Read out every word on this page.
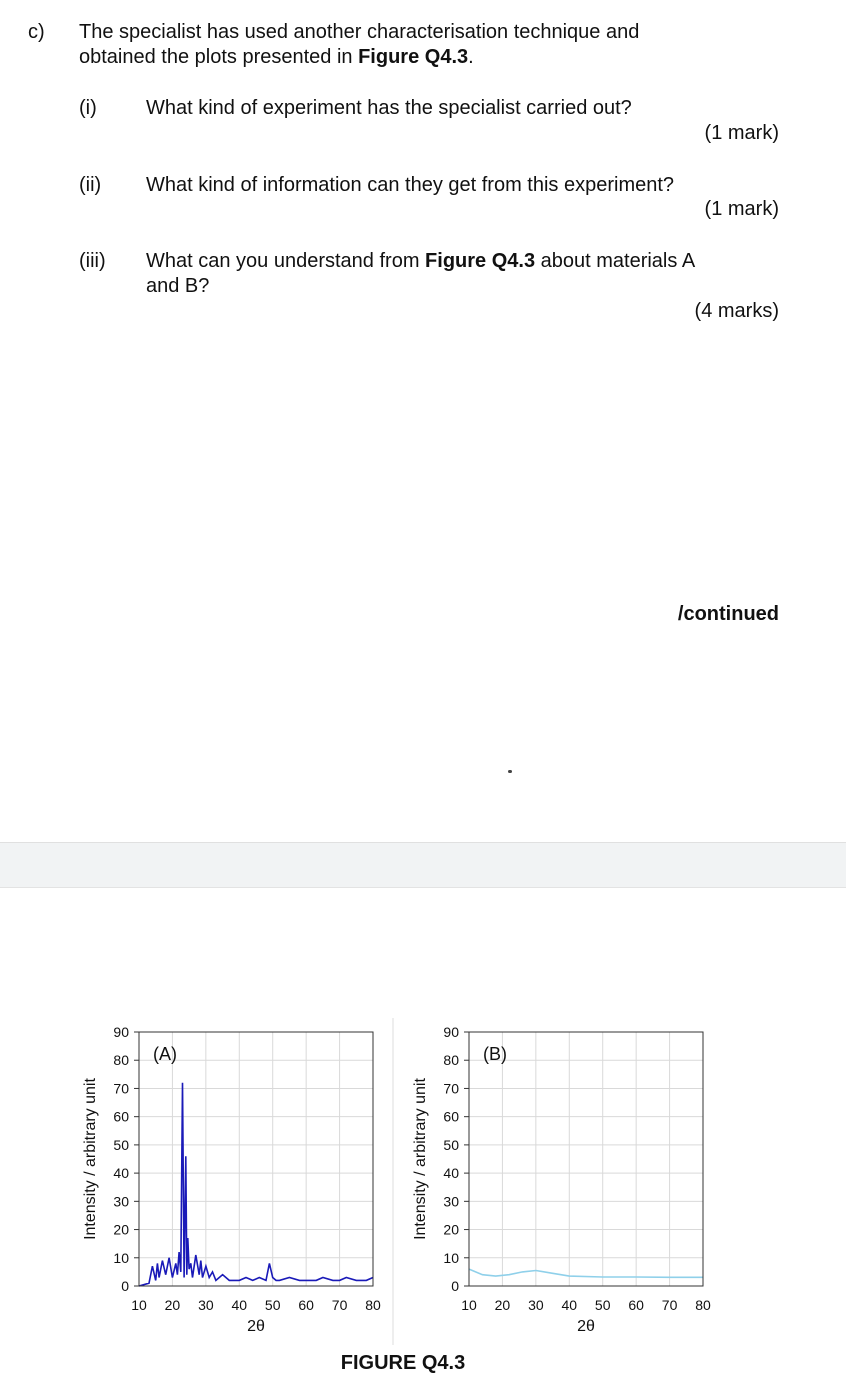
c) The specialist has used another characterisation technique and
obtained the plots presented in Figure Q4.3.
(i) What kind of experiment has the specialist carried out?
(1 mark)
(ii) What kind of information can they get from this experiment?
(1 mark)
(iii) What can you understand from Figure Q4.3 about materials A
and B?
(4 marks)
/continued
0
10
20
30
40
50
60
70
80
90
10 20 30 40 50 60 70 80
(A)
2θ
Intensity / arbitrary unit
0
10
20
30
40
50
60
70
80
90
10 20 30 40 50 60 70 80
(B)
2θ
Intensity / arbitrary unit
FIGURE Q4.3
